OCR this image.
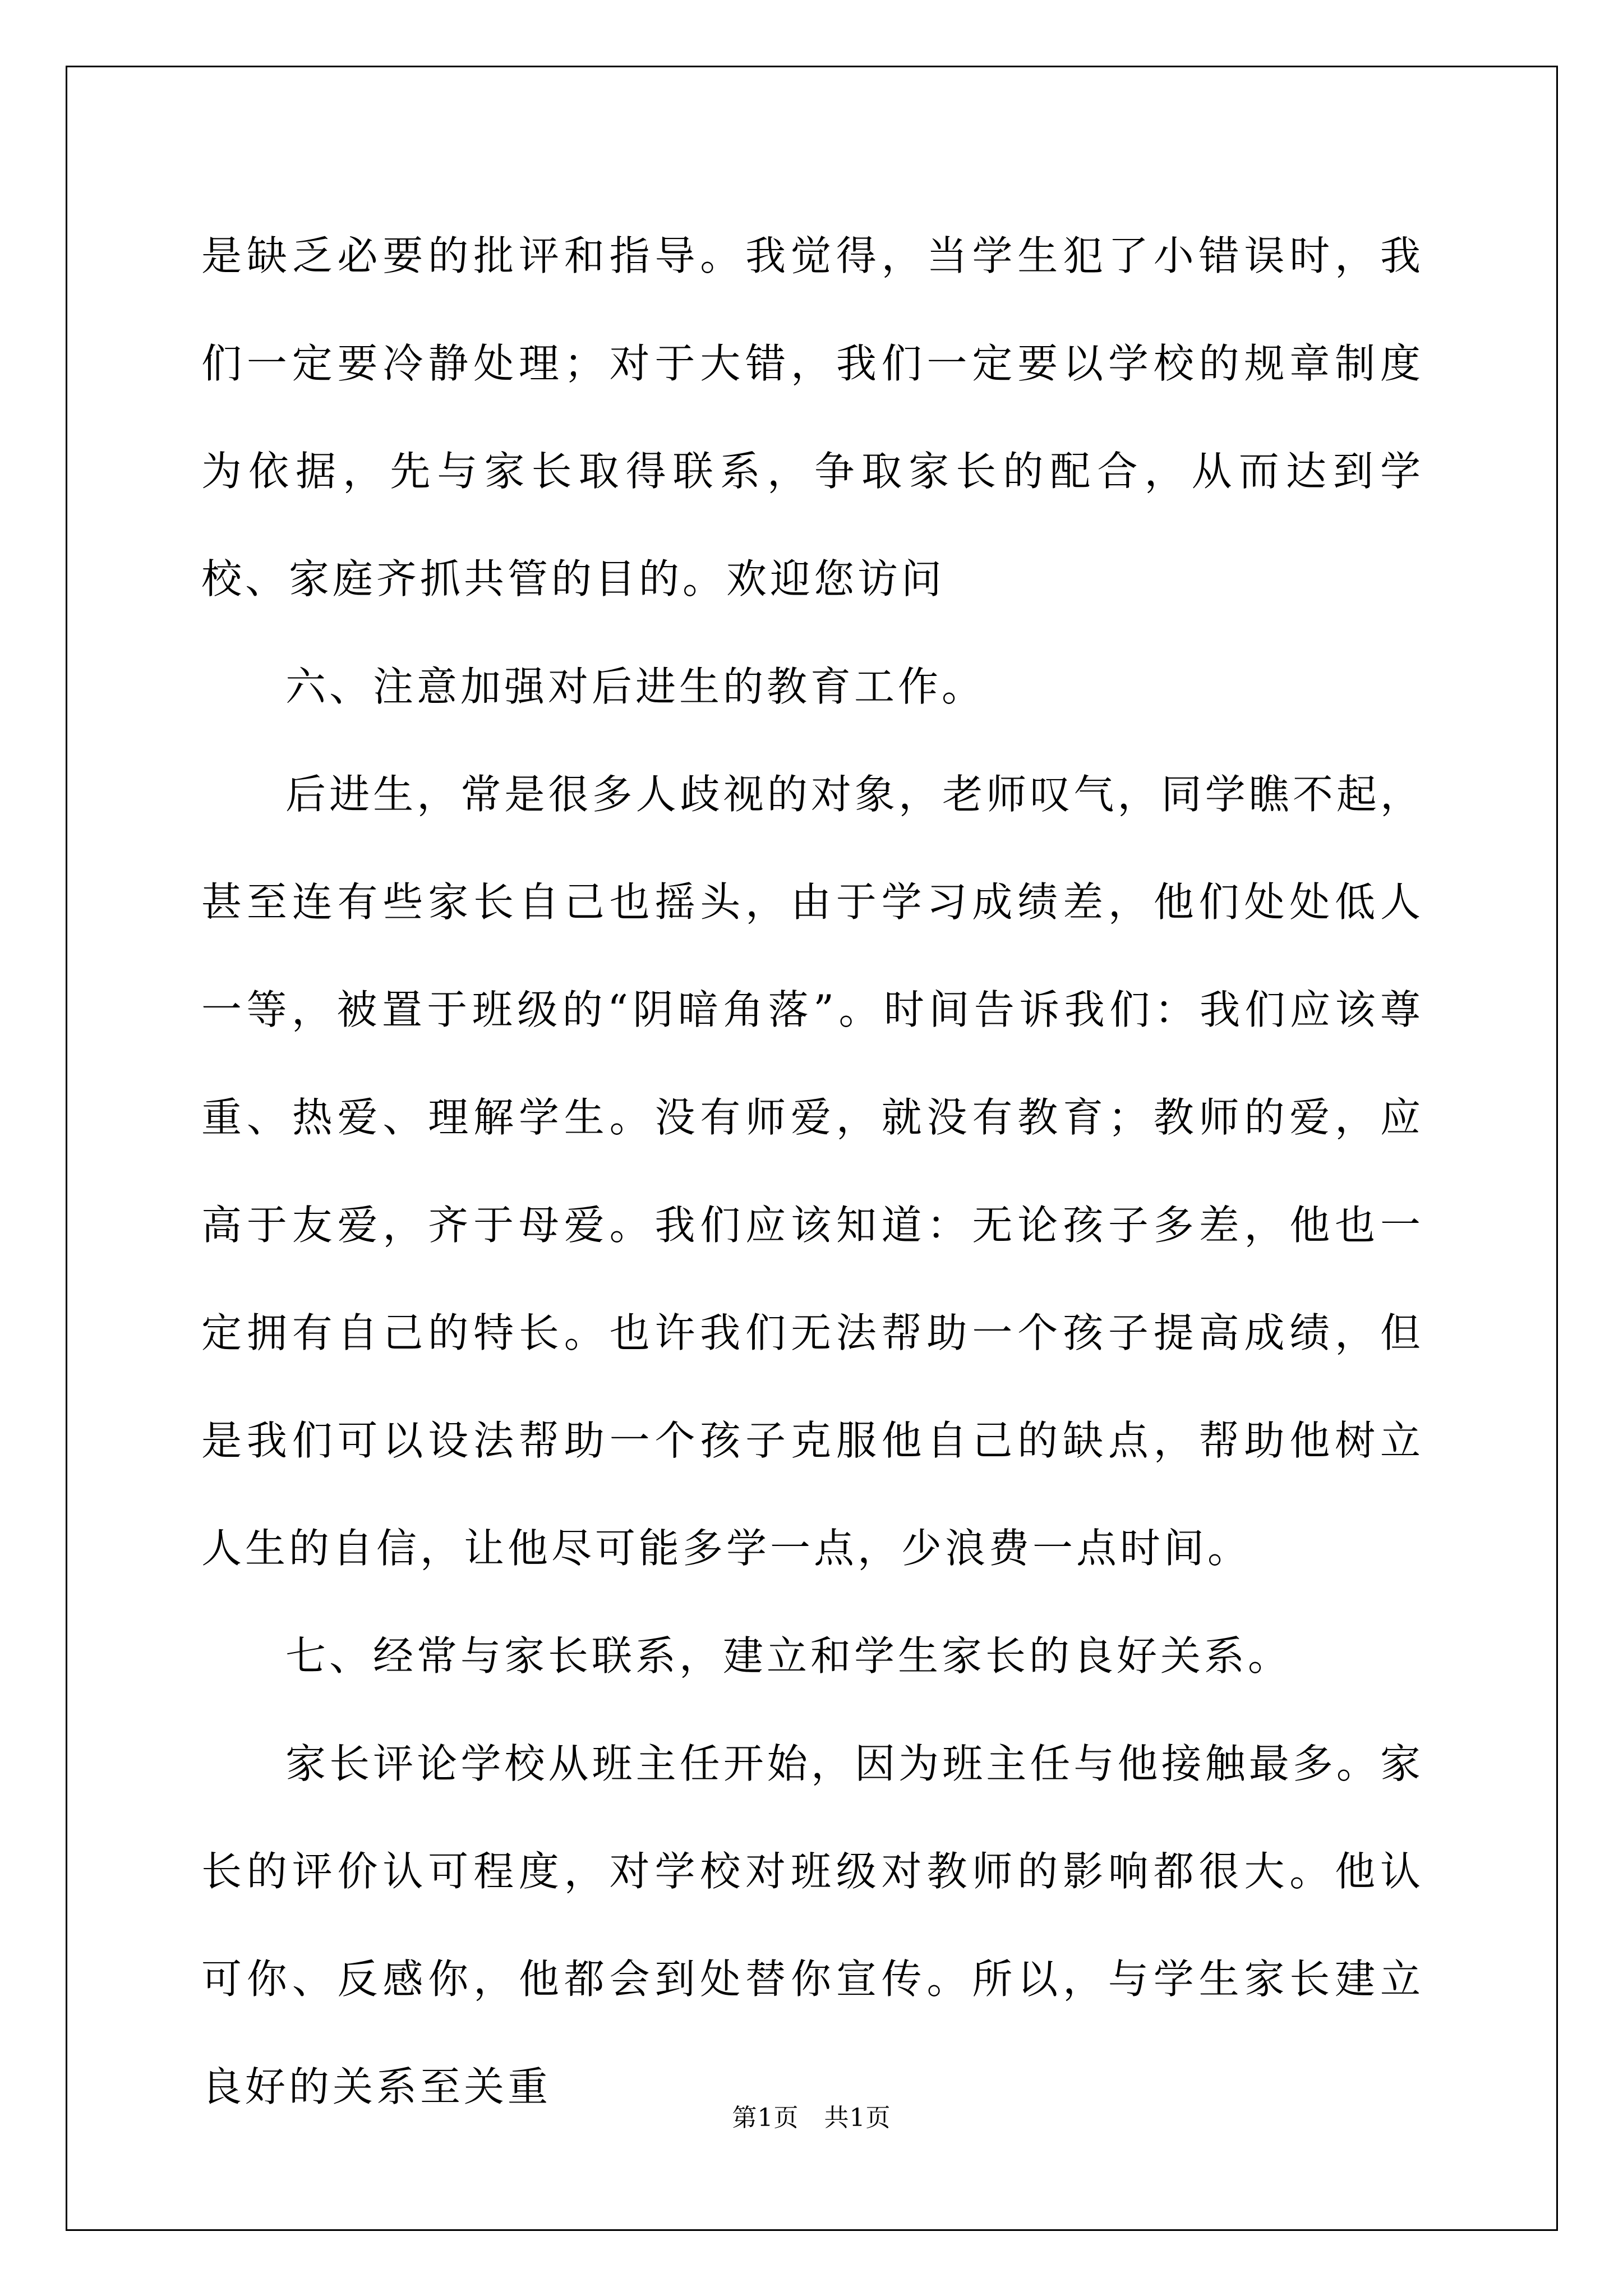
是缺乏必要的批评和指导。我觉得，当学生犯了小错误时，我们一定要冷静处理；对于大错，我们一定要以学校的规章制度为依据，先与家长取得联系，争取家长的配合，从而达到学校、家庭齐抓共管的目的。欢迎您访问

六、注意加强对后进生的教育工作。

后进生，常是很多人歧视的对象，老师叹气，同学瞧不起，甚至连有些家长自己也摇头，由于学习成绩差，他们处处低人一等，被置于班级的“阴暗角落”。时间告诉我们：我们应该尊重、热爱、理解学生。没有师爱，就没有教育；教师的爱，应高于友爱，齐于母爱。我们应该知道：无论孩子多差，他也一定拥有自己的特长。也许我们无法帮助一个孩子提高成绩，但是我们可以设法帮助一个孩子克服他自己的缺点，帮助他树立人生的自信，让他尽可能多学一点，少浪费一点时间。

七、经常与家长联系，建立和学生家长的良好关系。

家长评论学校从班主任开始，因为班主任与他接触最多。家长的评价认可程度，对学校对班级对教师的影响都很大。他认可你、反感你，他都会到处替你宣传。所以，与学生家长建立良好的关系至关重

第1页 共1页
